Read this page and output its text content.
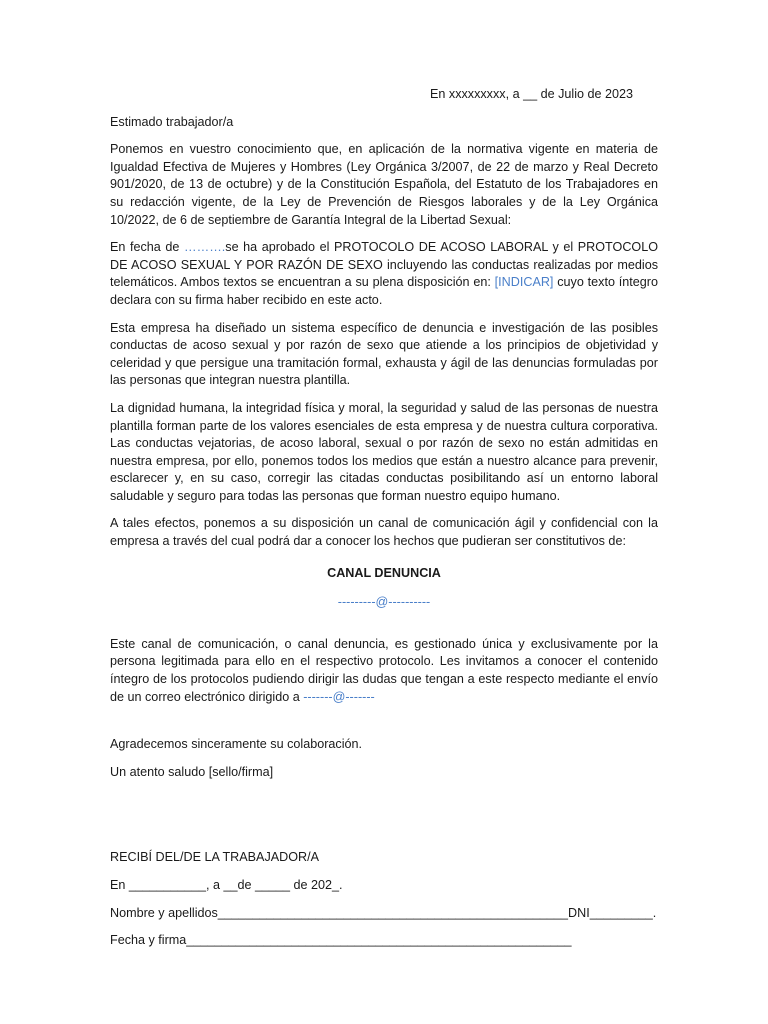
En xxxxxxxxx, a __ de Julio de 2023
Estimado trabajador/a

Ponemos en vuestro conocimiento que, en aplicación de la normativa vigente en materia de Igualdad Efectiva de Mujeres y Hombres (Ley Orgánica 3/2007, de 22 de marzo y Real Decreto 901/2020, de 13 de octubre) y de la Constitución Española, del Estatuto de los Trabajadores en su redacción vigente, de la Ley de Prevención de Riesgos laborales y de la Ley Orgánica 10/2022, de 6 de septiembre de Garantía Integral de la Libertad Sexual:

En fecha de ……….se ha aprobado el PROTOCOLO DE ACOSO LABORAL y el PROTOCOLO DE ACOSO SEXUAL Y POR RAZÓN DE SEXO incluyendo las conductas realizadas por medios telemáticos. Ambos textos se encuentran a su plena disposición en: [INDICAR] cuyo texto íntegro declara con su firma haber recibido en este acto.

Esta empresa ha diseñado un sistema específico de denuncia e investigación de las posibles conductas de acoso sexual y por razón de sexo que atiende a los principios de objetividad y celeridad y que persigue una tramitación formal, exhausta y ágil de las denuncias formuladas por las personas que integran nuestra plantilla.

La dignidad humana, la integridad física y moral, la seguridad y salud de las personas de nuestra plantilla forman parte de los valores esenciales de esta empresa y de nuestra cultura corporativa. Las conductas vejatorias, de acoso laboral, sexual o por razón de sexo no están admitidas en nuestra empresa, por ello, ponemos todos los medios que están a nuestro alcance para prevenir, esclarecer y, en su caso, corregir las citadas conductas posibilitando así un entorno laboral saludable y seguro para todas las personas que forman nuestro equipo humano.

A tales efectos, ponemos a su disposición un canal de comunicación ágil y confidencial con la empresa a través del cual podrá dar a conocer los hechos que pudieran ser constitutivos de:

CANAL DENUNCIA
---------@----------

Este canal de comunicación, o canal denuncia, es gestionado única y exclusivamente por la persona legitimada para ello en el respectivo protocolo. Les invitamos a conocer el contenido íntegro de los protocolos pudiendo dirigir las dudas que tengan a este respecto mediante el envío de un correo electrónico dirigido a -------@-------

Agradecemos sinceramente su colaboración.
Un atento saludo [sello/firma]
RECIBÍ DEL/DE LA TRABAJADOR/A
En ___________, a __de _____ de 202_.
Nombre y apellidos__________________________________________________DNI_________.
Fecha y firma_______________________________________________________
